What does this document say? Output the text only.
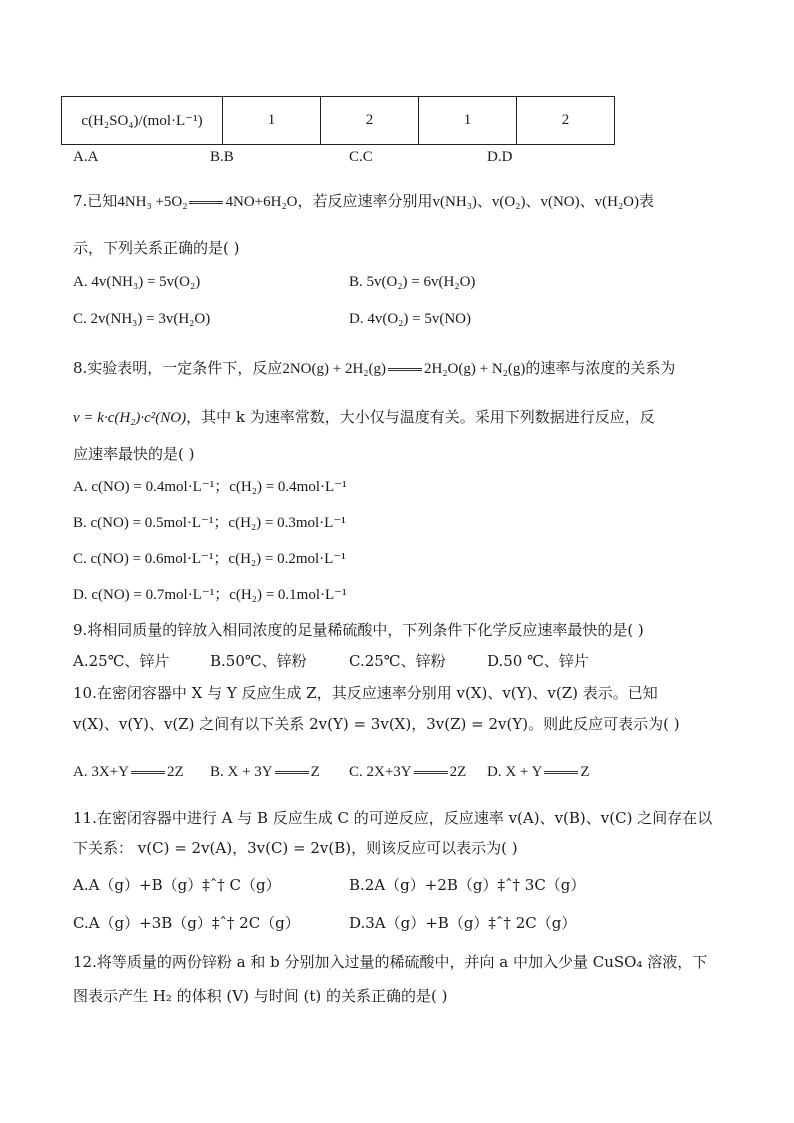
c(H₂SO₄)/(mol·L⁻¹)	1	2	1	2
A.A	B.B	C.C	D.D
7.已知4NH₃ +5O₂	4NO+6H₂O，若反应速率分别用v(NH₃)、v(O₂)、v(NO)、v(H₂O)表
示，下列关系正确的是( )
A. 4v(NH₃) = 5v(O₂)	B. 5v(O₂) = 6v(H₂O)
C. 2v(NH₃) = 3v(H₂O)	D. 4v(O₂) = 5v(NO)
8.实验表明，一定条件下，反应2NO(g) + 2H₂(g)	2H₂O(g) + N₂(g)的速率与浓度的关系为
v = k·c(H₂)·c²(NO)，其中 k 为速率常数，大小仅与温度有关。采用下列数据进行反应，反
应速率最快的是( )
A. c(NO) = 0.4mol·L⁻¹；c(H₂) = 0.4mol·L⁻¹
B. c(NO) = 0.5mol·L⁻¹；c(H₂) = 0.3mol·L⁻¹
C. c(NO) = 0.6mol·L⁻¹；c(H₂) = 0.2mol·L⁻¹
D. c(NO) = 0.7mol·L⁻¹；c(H₂) = 0.1mol·L⁻¹
9.将相同质量的锌放入相同浓度的足量稀硫酸中，下列条件下化学反应速率最快的是( )
A.25℃、锌片	B.50℃、锌粉	C.25℃、锌粉	D.50 ℃、锌片
10.在密闭容器中 X 与 Y 反应生成 Z，其反应速率分别用 v(X)、v(Y)、v(Z) 表示。已知
v(X)、v(Y)、v(Z) 之间有以下关系 2v(Y) = 3v(X)，3v(Z) = 2v(Y)。则此反应可表示为( )
A. 3X+Y	2Z B. X + 3Y	Z C. 2X+3Y	2Z D. X + Y	Z
11.在密闭容器中进行 A 与 B 反应生成 C 的可逆反应，反应速率 v(A)、v(B)、v(C) 之间存在以
下关系： v(C) = 2v(A)，3v(C) = 2v(B)，则该反应可以表示为( )
A.A（g）+B（g）‡ˆ† C（g）	B.2A（g）+2B（g）‡ˆ† 3C（g）
C.A（g）+3B（g）‡ˆ† 2C（g）	D.3A（g）+B（g）‡ˆ† 2C（g）
12.将等质量的两份锌粉 a 和 b 分别加入过量的稀硫酸中，并向 a 中加入少量 CuSO₄ 溶液，下
图表示产生 H₂ 的体积 (V) 与时间 (t) 的关系正确的是( )
